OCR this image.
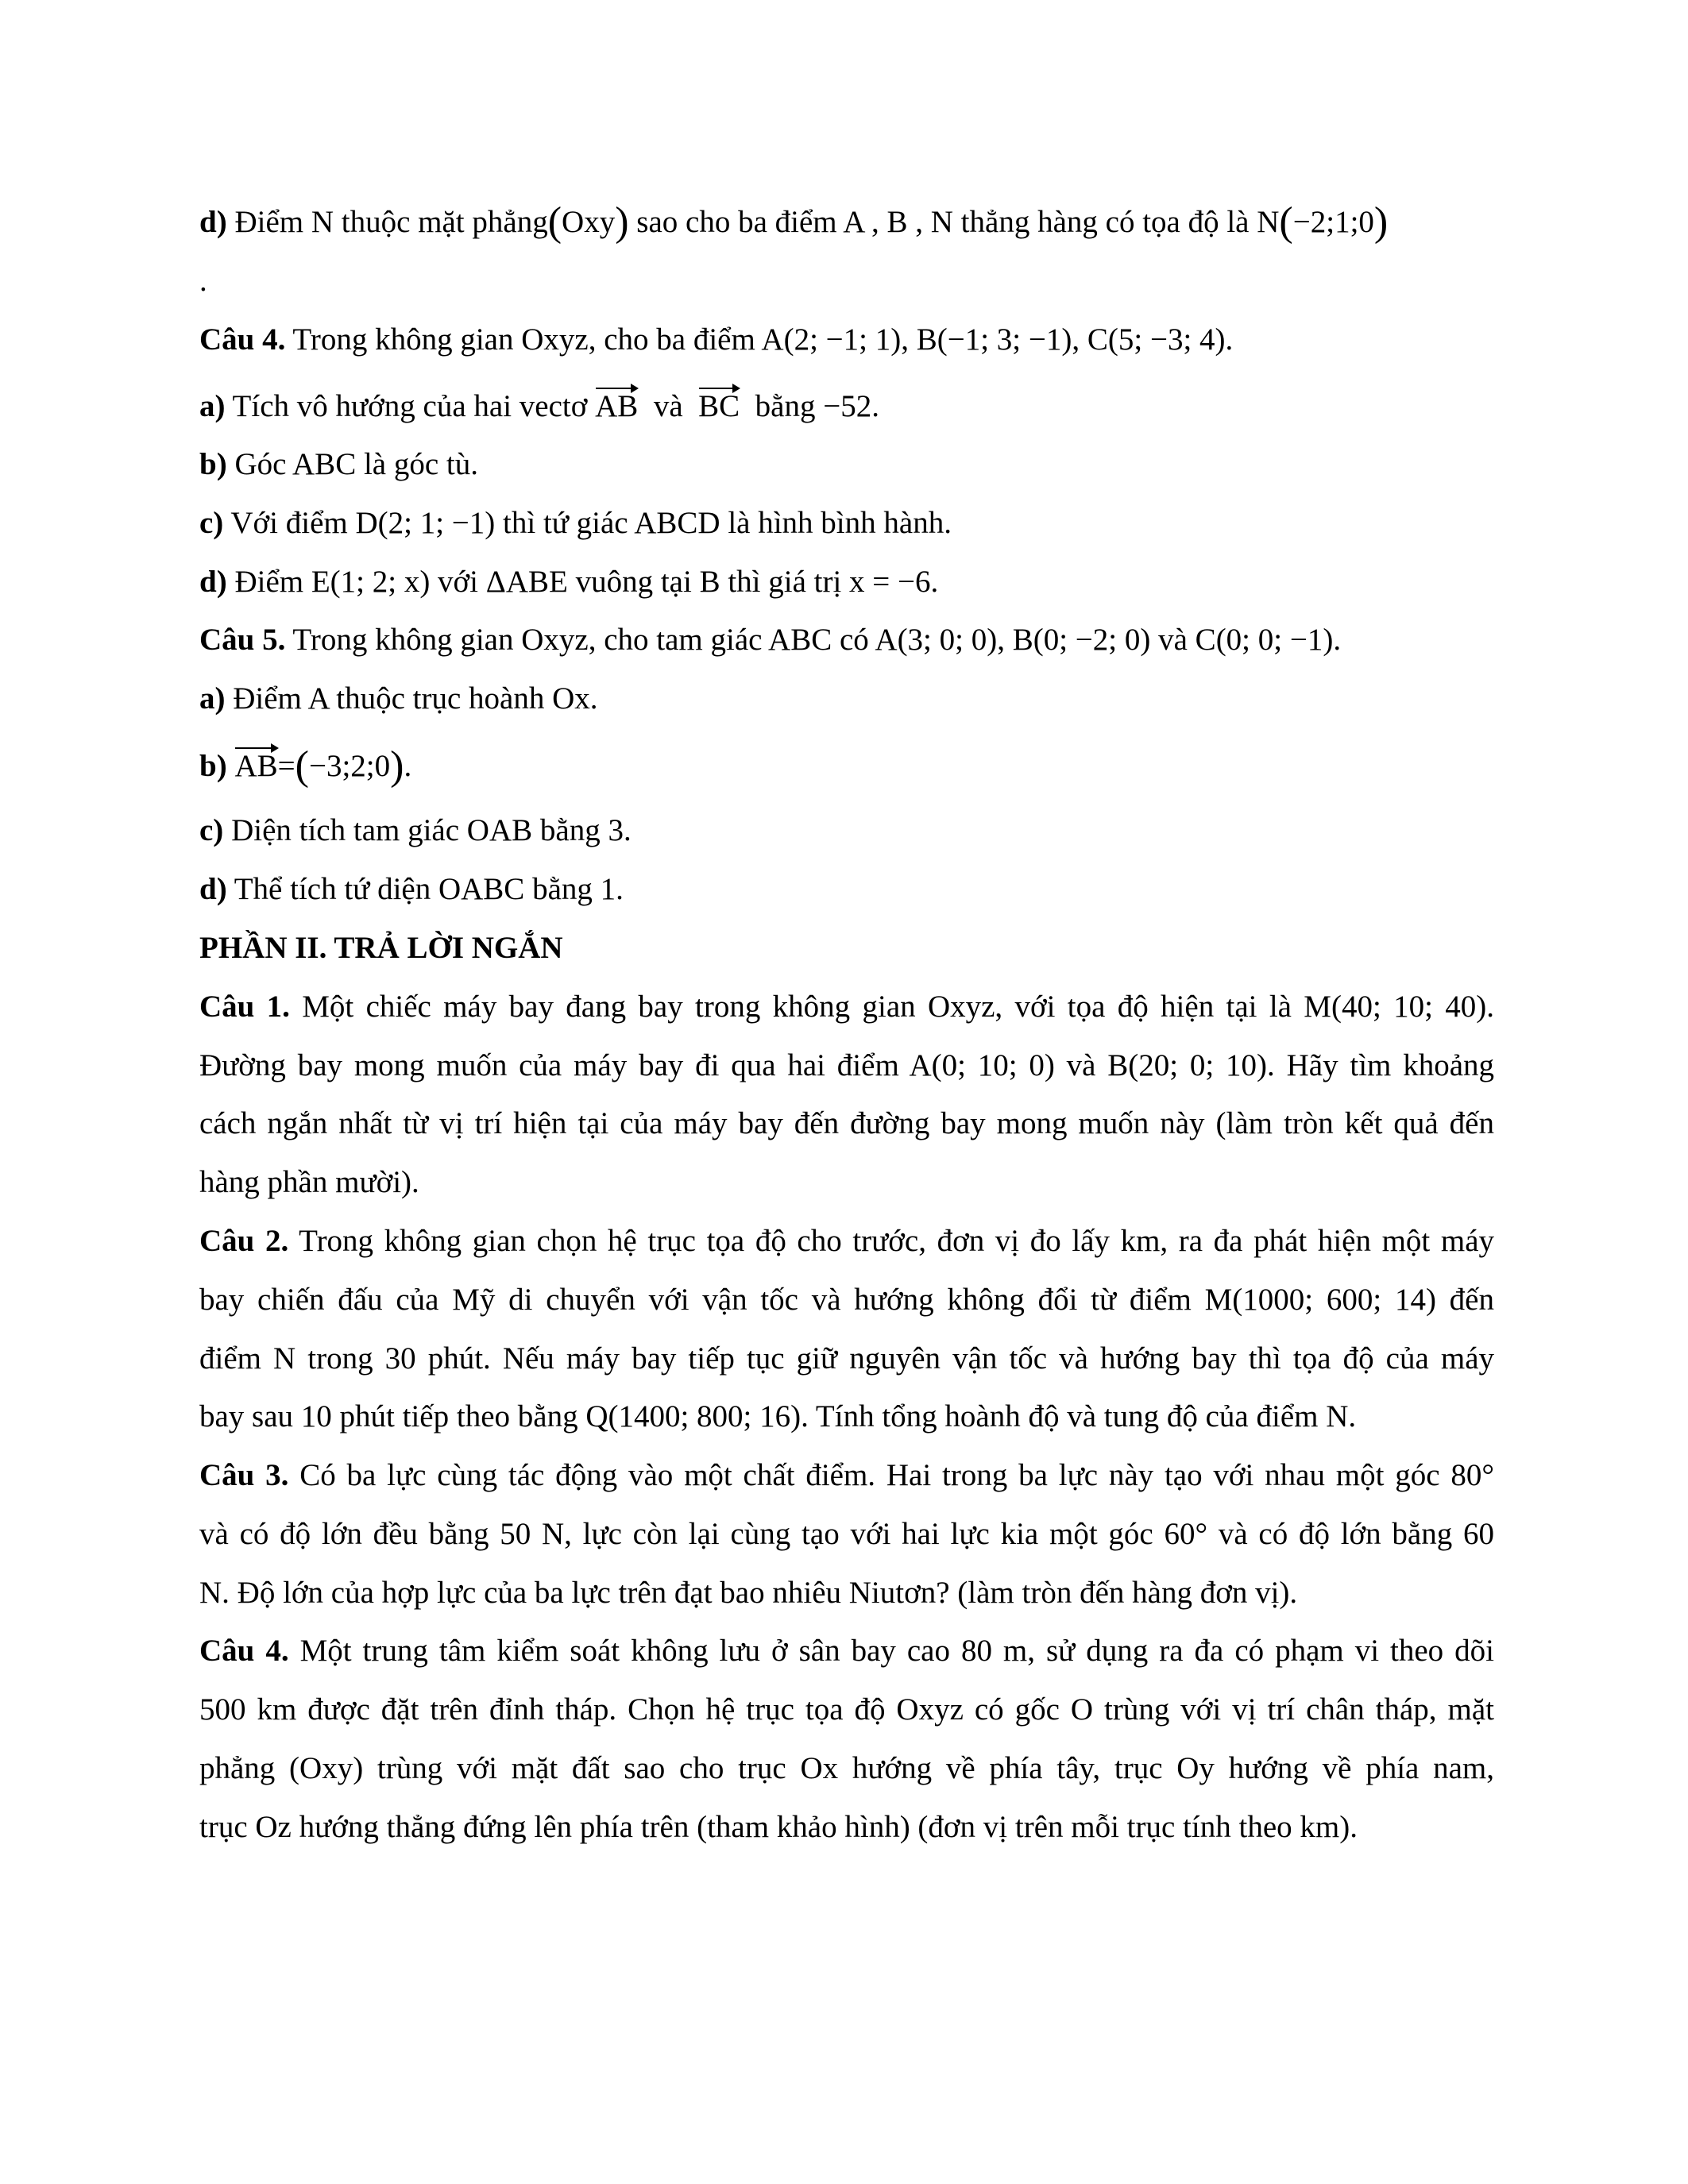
d) Điểm N thuộc mặt phẳng(Oxy) sao cho ba điểm A , B , N thẳng hàng có tọa độ là N(−2;1;0)
.
Câu 4. Trong không gian Oxyz, cho ba điểm A(2; −1; 1), B(−1; 3; −1), C(5; −3; 4).
a) Tích vô hướng của hai vectơ AB  và  BC  bằng −52.
b) Góc ABC là góc tù.
c) Với điểm D(2; 1; −1) thì tứ giác ABCD là hình bình hành.
d) Điểm E(1; 2; x) với ΔABE vuông tại B thì giá trị x = −6.
Câu 5. Trong không gian Oxyz, cho tam giác ABC có A(3; 0; 0), B(0; −2; 0) và C(0; 0; −1).
a) Điểm A thuộc trục hoành Ox.
b) AB=(−3;2;0).
c) Diện tích tam giác OAB bằng 3.
d) Thể tích tứ diện OABC bằng 1.
PHẦN II. TRẢ LỜI NGẮN
Câu 1. Một chiếc máy bay đang bay trong không gian Oxyz, với tọa độ hiện tại là M(40; 10; 40).
Đường bay mong muốn của máy bay đi qua hai điểm A(0; 10; 0) và B(20; 0; 10). Hãy tìm khoảng
cách ngắn nhất từ vị trí hiện tại của máy bay đến đường bay mong muốn này (làm tròn kết quả đến
hàng phần mười).
Câu 2. Trong không gian chọn hệ trục tọa độ cho trước, đơn vị đo lấy km, ra đa phát hiện một máy
bay chiến đấu của Mỹ di chuyển với vận tốc và hướng không đổi từ điểm M(1000; 600; 14) đến
điểm N trong 30 phút. Nếu máy bay tiếp tục giữ nguyên vận tốc và hướng bay thì tọa độ của máy
bay sau 10 phút tiếp theo bằng Q(1400; 800; 16). Tính tổng hoành độ và tung độ của điểm N.
Câu 3. Có ba lực cùng tác động vào một chất điểm. Hai trong ba lực này tạo với nhau một góc 80°
và có độ lớn đều bằng 50 N, lực còn lại cùng tạo với hai lực kia một góc 60° và có độ lớn bằng 60
N. Độ lớn của hợp lực của ba lực trên đạt bao nhiêu Niutơn? (làm tròn đến hàng đơn vị).
Câu 4. Một trung tâm kiểm soát không lưu ở sân bay cao 80 m, sử dụng ra đa có phạm vi theo dõi
500 km được đặt trên đỉnh tháp. Chọn hệ trục tọa độ Oxyz có gốc O trùng với vị trí chân tháp, mặt
phẳng (Oxy) trùng với mặt đất sao cho trục Ox hướng về phía tây, trục Oy hướng về phía nam,
trục Oz hướng thẳng đứng lên phía trên (tham khảo hình) (đơn vị trên mỗi trục tính theo km).
